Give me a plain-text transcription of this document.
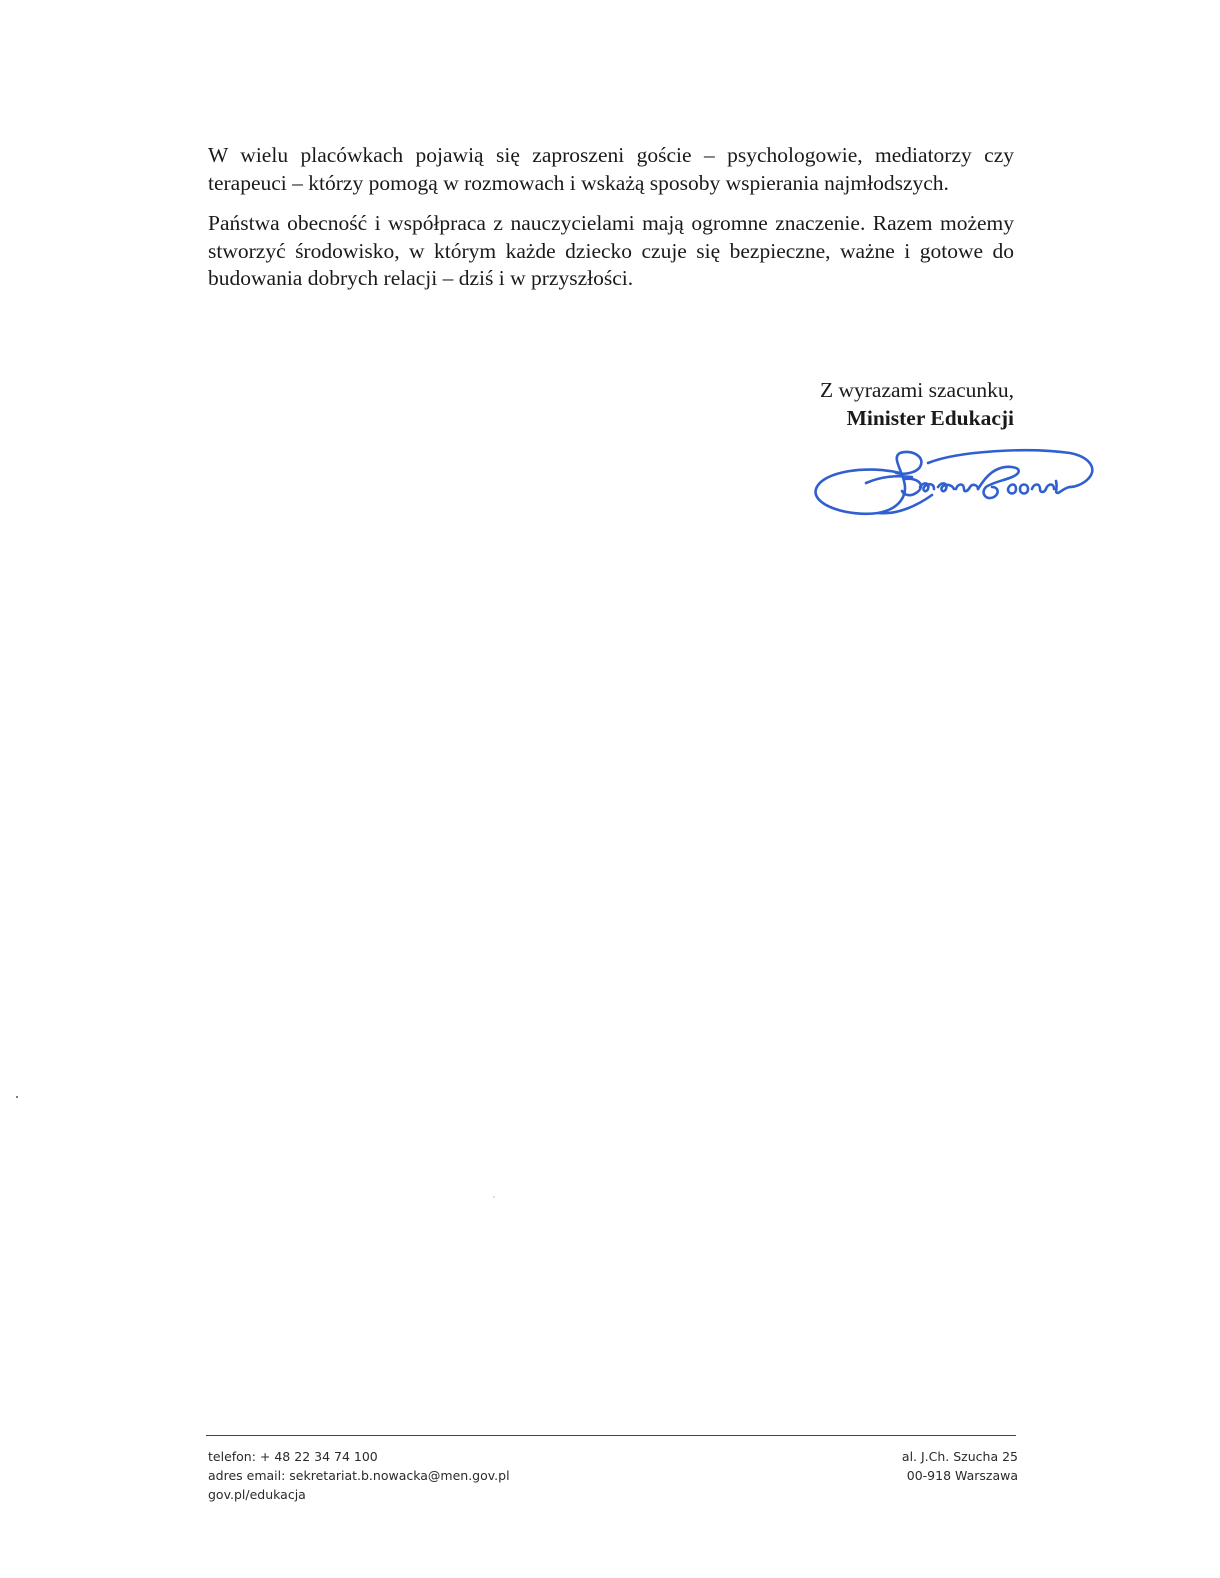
W wielu placówkach pojawią się zaproszeni goście – psychologowie, mediatorzy czy terapeuci – którzy pomogą w rozmowach i wskażą sposoby wspierania najmłodszych.

Państwa obecność i współpraca z nauczycielami mają ogromne znaczenie. Razem możemy stworzyć środowisko, w którym każde dziecko czuje się bezpieczne, ważne i gotowe do budowania dobrych relacji – dziś i w przyszłości.

Z wyrazami szacunku,
Minister Edukacji
telefon: + 48 22 34 74 100
adres email: sekretariat.b.nowacka@men.gov.pl
gov.pl/edukacja
al. J.Ch. Szucha 25
00-918 Warszawa
